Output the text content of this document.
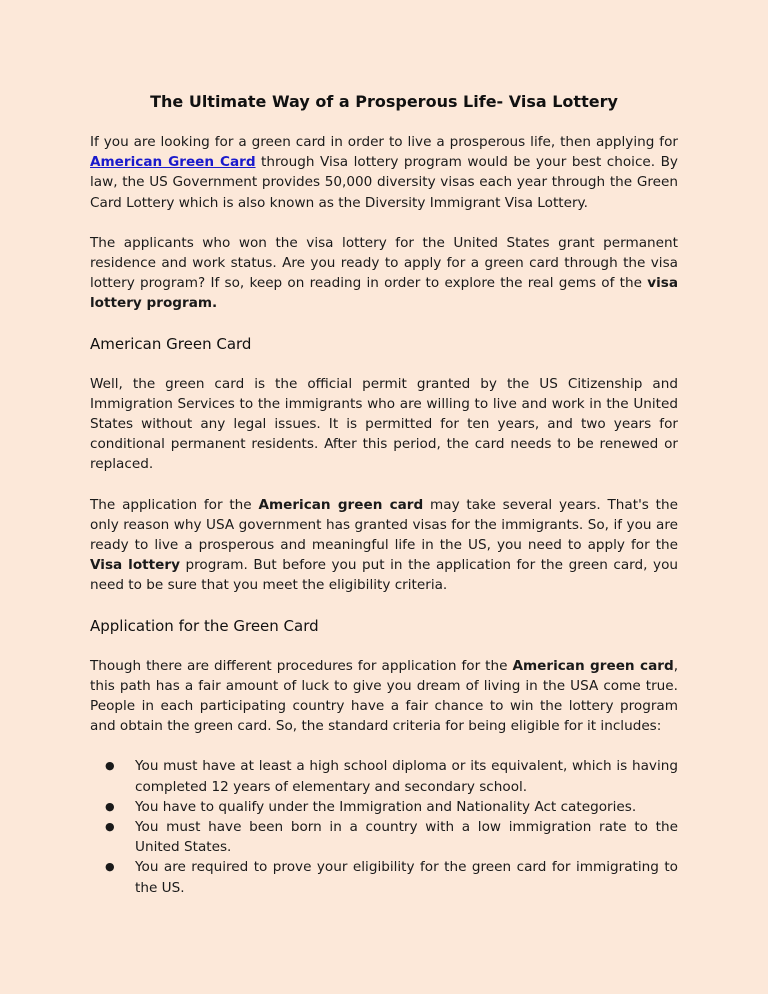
The Ultimate Way of a Prosperous Life- Visa Lottery

If you are looking for a green card in order to live a prosperous life, then applying for American Green Card through Visa lottery program would be your best choice. By law, the US Government provides 50,000 diversity visas each year through the Green Card Lottery which is also known as the Diversity Immigrant Visa Lottery.

The applicants who won the visa lottery for the United States grant permanent residence and work status. Are you ready to apply for a green card through the visa lottery program? If so, keep on reading in order to explore the real gems of the visa lottery program.

American Green Card

Well, the green card is the official permit granted by the US Citizenship and Immigration Services to the immigrants who are willing to live and work in the United States without any legal issues. It is permitted for ten years, and two years for conditional permanent residents. After this period, the card needs to be renewed or replaced.

The application for the American green card may take several years. That's the only reason why USA government has granted visas for the immigrants. So, if you are ready to live a prosperous and meaningful life in the US, you need to apply for the Visa lottery program. But before you put in the application for the green card, you need to be sure that you meet the eligibility criteria.

Application for the Green Card

Though there are different procedures for application for the American green card, this path has a fair amount of luck to give you dream of living in the USA come true. People in each participating country have a fair chance to win the lottery program and obtain the green card. So, the standard criteria for being eligible for it includes:

● You must have at least a high school diploma or its equivalent, which is having completed 12 years of elementary and secondary school.
● You have to qualify under the Immigration and Nationality Act categories.
● You must have been born in a country with a low immigration rate to the United States.
● You are required to prove your eligibility for the green card for immigrating to the US.
